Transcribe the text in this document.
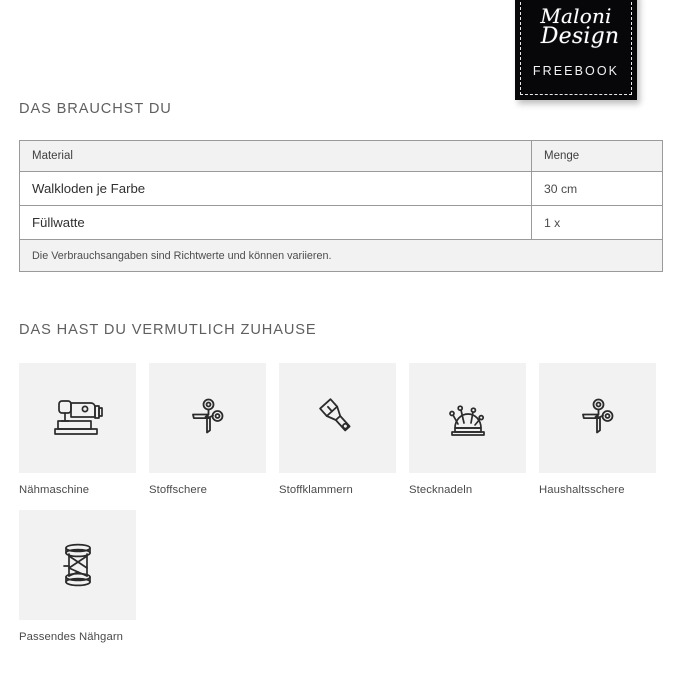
Maloni
Design
FREEBOOK
DAS BRAUCHST DU
Material	Menge
Walkloden je Farbe	30 cm
Füllwatte	1 x
Die Verbrauchsangaben sind Richtwerte und können variieren.	
DAS HAST DU VERMUTLICH ZUHAUSE
Nähmaschine	Stoffschere	Stoffklammern	Stecknadeln	Haushaltsschere
Passendes Nähgarn
